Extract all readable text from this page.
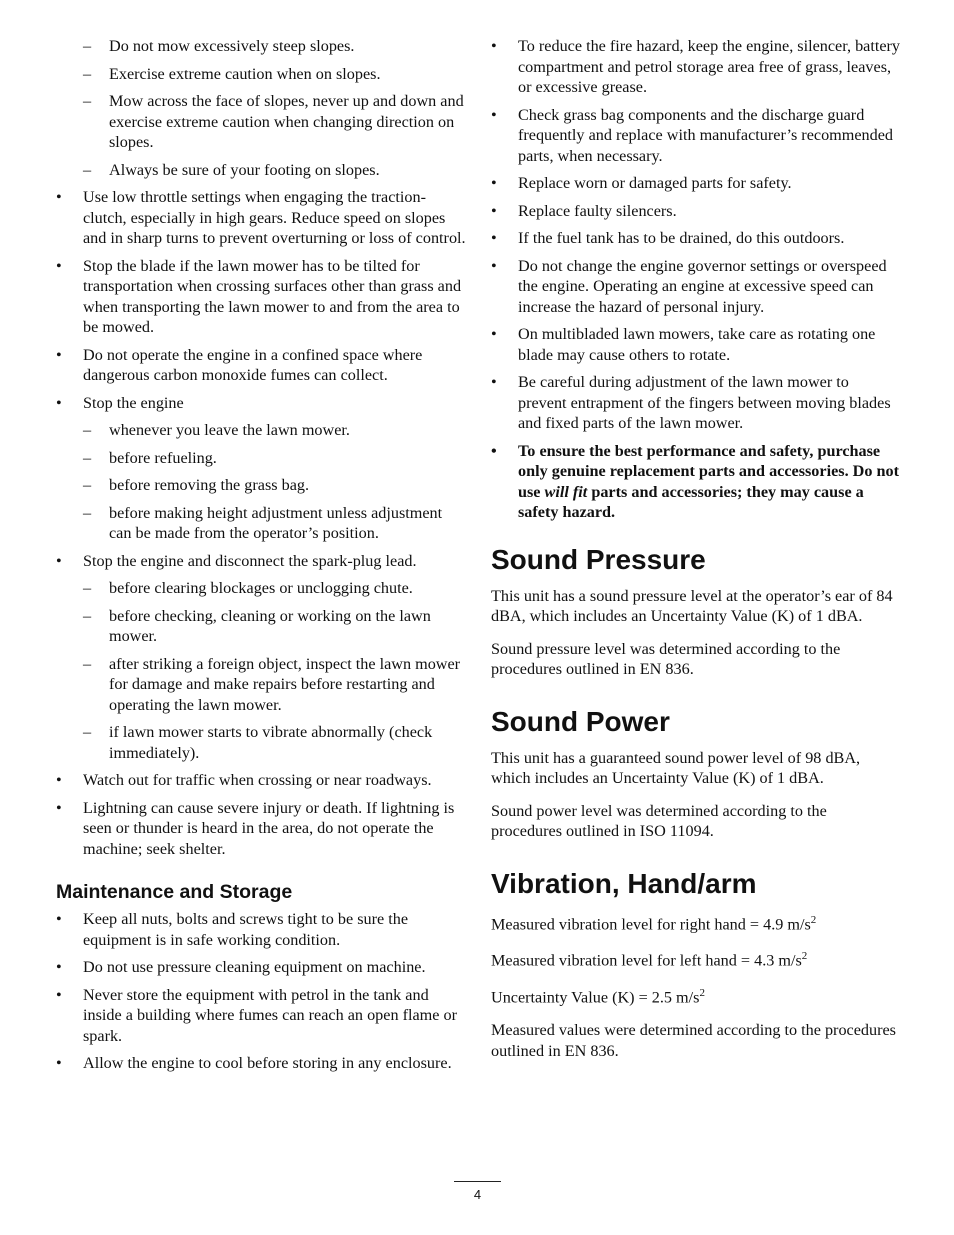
– Do not mow excessively steep slopes.
– Exercise extreme caution when on slopes.
– Mow across the face of slopes, never up and down and exercise extreme caution when changing direction on slopes.
– Always be sure of your footing on slopes.
• Use low throttle settings when engaging the traction-clutch, especially in high gears. Reduce speed on slopes and in sharp turns to prevent overturning or loss of control.
• Stop the blade if the lawn mower has to be tilted for transportation when crossing surfaces other than grass and when transporting the lawn mower to and from the area to be mowed.
• Do not operate the engine in a confined space where dangerous carbon monoxide fumes can collect.
• Stop the engine
– whenever you leave the lawn mower.
– before refueling.
– before removing the grass bag.
– before making height adjustment unless adjustment can be made from the operator’s position.
• Stop the engine and disconnect the spark-plug lead.
– before clearing blockages or unclogging chute.
– before checking, cleaning or working on the lawn mower.
– after striking a foreign object, inspect the lawn mower for damage and make repairs before restarting and operating the lawn mower.
– if lawn mower starts to vibrate abnormally (check immediately).
• Watch out for traffic when crossing or near roadways.
• Lightning can cause severe injury or death. If lightning is seen or thunder is heard in the area, do not operate the machine; seek shelter.
Maintenance and Storage
• Keep all nuts, bolts and screws tight to be sure the equipment is in safe working condition.
• Do not use pressure cleaning equipment on machine.
• Never store the equipment with petrol in the tank and inside a building where fumes can reach an open flame or spark.
• Allow the engine to cool before storing in any enclosure.
• To reduce the fire hazard, keep the engine, silencer, battery compartment and petrol storage area free of grass, leaves, or excessive grease.
• Check grass bag components and the discharge guard frequently and replace with manufacturer’s recommended parts, when necessary.
• Replace worn or damaged parts for safety.
• Replace faulty silencers.
• If the fuel tank has to be drained, do this outdoors.
• Do not change the engine governor settings or overspeed the engine. Operating an engine at excessive speed can increase the hazard of personal injury.
• On multibladed lawn mowers, take care as rotating one blade may cause others to rotate.
• Be careful during adjustment of the lawn mower to prevent entrapment of the fingers between moving blades and fixed parts of the lawn mower.
• To ensure the best performance and safety, purchase only genuine replacement parts and accessories. Do not use will fit parts and accessories; they may cause a safety hazard.
Sound Pressure

This unit has a sound pressure level at the operator’s ear of 84 dBA, which includes an Uncertainty Value (K) of 1 dBA.

Sound pressure level was determined according to the procedures outlined in EN 836.

Sound Power

This unit has a guaranteed sound power level of 98 dBA, which includes an Uncertainty Value (K) of 1 dBA.

Sound power level was determined according to the procedures outlined in ISO 11094.

Vibration, Hand/arm

Measured vibration level for right hand = 4.9 $m/s^2$

Measured vibration level for left hand = 4.3 $m/s^2$

Uncertainty Value (K) = 2.5 $m/s^2$

Measured values were determined according to the procedures outlined in EN 836.

4
